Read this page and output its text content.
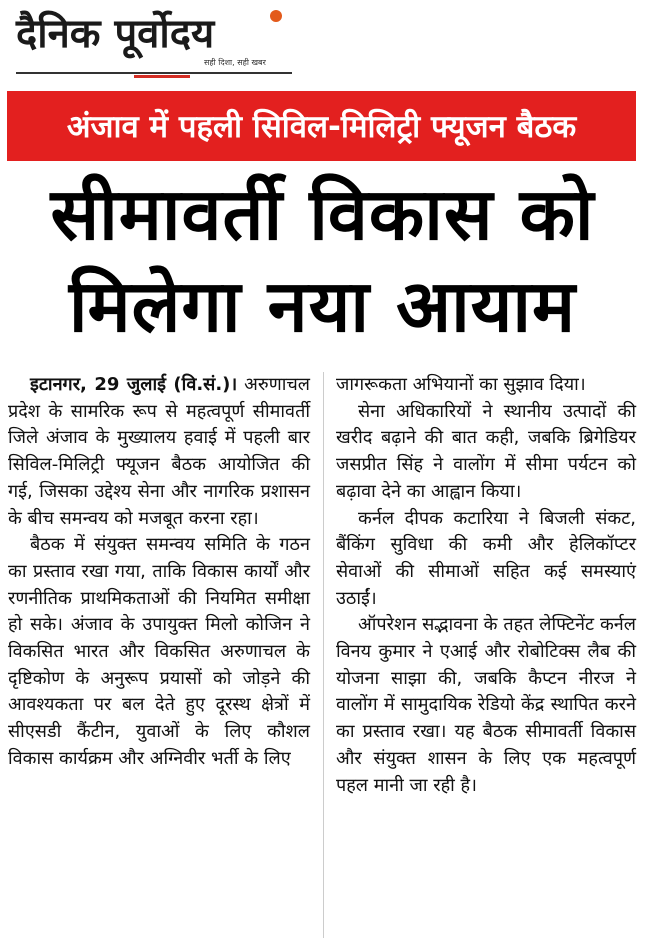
दैनिक पूर्वोदय
सही दिशा, सही खबर
अंजाव में पहली सिविल-मिलिट्री फ्यूजन बैठक
सीमावर्ती विकास को
मिलेगा नया आयाम

इटानगर, 29 जुलाई (वि.सं.)। अरुणाचल प्रदेश के सामरिक रूप से महत्वपूर्ण सीमावर्ती जिले अंजाव के मुख्यालय हवाई में पहली बार सिविल-मिलिट्री फ्यूजन बैठक आयोजित की गई, जिसका उद्देश्य सेना और नागरिक प्रशासन के बीच समन्वय को मजबूत करना रहा।

बैठक में संयुक्त समन्वय समिति के गठन का प्रस्ताव रखा गया, ताकि विकास कार्यों और रणनीतिक प्राथमिकताओं की नियमित समीक्षा हो सके। अंजाव के उपायुक्त मिलो कोजिन ने विकसित भारत और विकसित अरुणाचल के दृष्टिकोण के अनुरूप प्रयासों को जोड़ने की आवश्यकता पर बल देते हुए दूरस्थ क्षेत्रों में सीएसडी कैंटीन, युवाओं के लिए कौशल विकास कार्यक्रम और अग्निवीर भर्ती के लिए

जागरूकता अभियानों का सुझाव दिया।

सेना अधिकारियों ने स्थानीय उत्पादों की खरीद बढ़ाने की बात कही, जबकि ब्रिगेडियर जसप्रीत सिंह ने वालोंग में सीमा पर्यटन को बढ़ावा देने का आह्वान किया।

कर्नल दीपक कटारिया ने बिजली संकट, बैंकिंग सुविधा की कमी और हेलिकॉप्टर सेवाओं की सीमाओं सहित कई समस्याएं उठाईं।

ऑपरेशन सद्भावना के तहत लेफ्टिनेंट कर्नल विनय कुमार ने एआई और रोबोटिक्स लैब की योजना साझा की, जबकि कैप्टन नीरज ने वालोंग में सामुदायिक रेडियो केंद्र स्थापित करने का प्रस्ताव रखा। यह बैठक सीमावर्ती विकास और संयुक्त शासन के लिए एक महत्वपूर्ण पहल मानी जा रही है।
